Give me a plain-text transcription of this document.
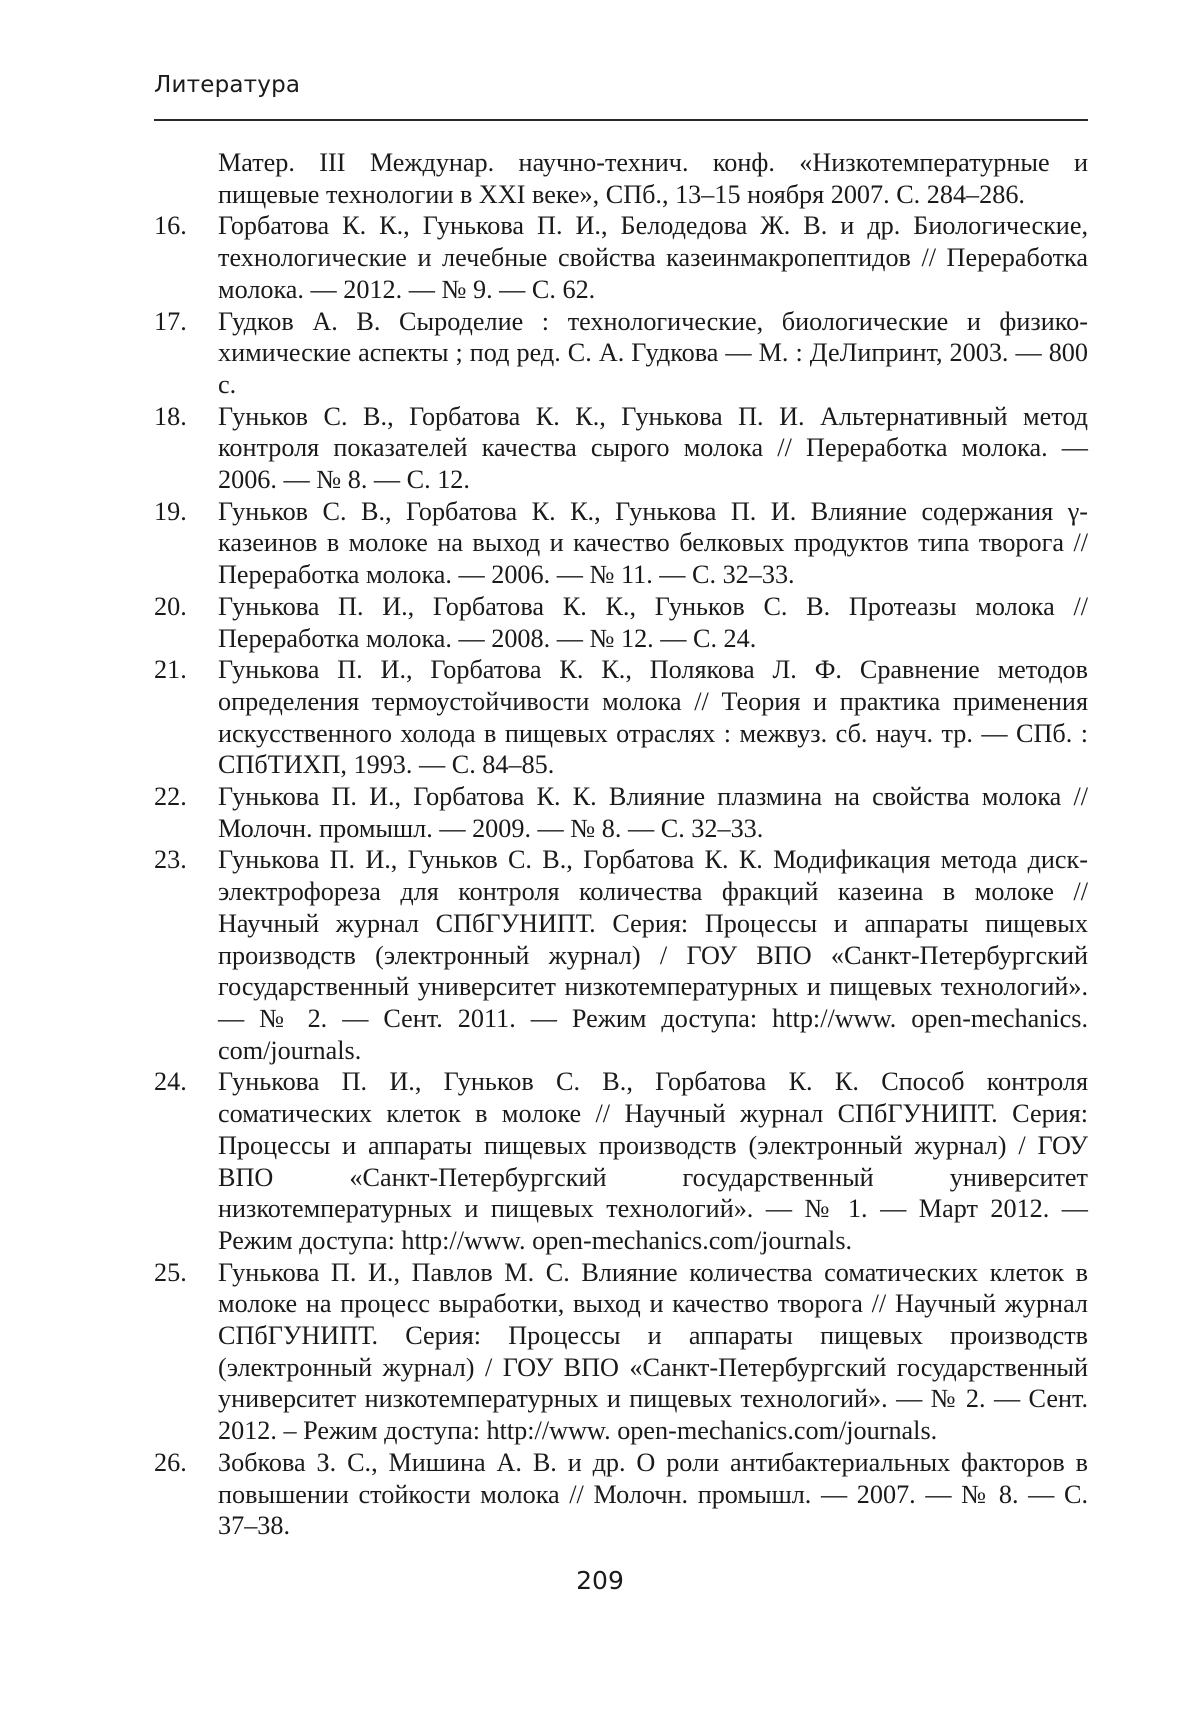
Литература
Матер. III Междунар. научно-технич. конф. «Низкотемпературные и пищевые технологии в XXI веке», СПб., 13–15 ноября 2007. С. 284–286.
16. Горбатова К. К., Гунькова П. И., Белодедова Ж. В. и др. Биологические, технологические и лечебные свойства казеинмакропептидов // Переработка молока. — 2012. — № 9. — С. 62.
17. Гудков А. В. Сыроделие : технологические, биологические и физико-химические аспекты ; под ред. С. А. Гудкова — М. : ДеЛипринт, 2003. — 800 с.
18. Гуньков С. В., Горбатова К. К., Гунькова П. И. Альтернативный метод контроля показателей качества сырого молока // Переработка молока. — 2006. — № 8. — С. 12.
19. Гуньков С. В., Горбатова К. К., Гунькова П. И. Влияние содержания γ-казеинов в молоке на выход и качество белковых продуктов типа творога // Переработка молока. — 2006. — № 11. — С. 32–33.
20. Гунькова П. И., Горбатова К. К., Гуньков С. В. Протеазы молока // Переработка молока. — 2008. — № 12. — С. 24.
21. Гунькова П. И., Горбатова К. К., Полякова Л. Ф. Сравнение методов определения термоустойчивости молока // Теория и практика применения искусственного холода в пищевых отраслях : межвуз. сб. науч. тр. — СПб. : СПбТИХП, 1993. — С. 84–85.
22. Гунькова П. И., Горбатова К. К. Влияние плазмина на свойства молока // Молочн. промышл. — 2009. — № 8. — С. 32–33.
23. Гунькова П. И., Гуньков С. В., Горбатова К. К. Модификация метода диск-электрофореза для контроля количества фракций казеина в молоке // Научный журнал СПбГУНИПТ. Серия: Процессы и аппараты пищевых производств (электронный журнал) / ГОУ ВПО «Санкт-Петербургский государственный университет низкотемпературных и пищевых технологий». — № 2. — Сент. 2011. — Режим доступа: http://www. open-mechanics. com/journals.
24. Гунькова П. И., Гуньков С. В., Горбатова К. К. Способ контроля соматических клеток в молоке // Научный журнал СПбГУНИПТ. Серия: Процессы и аппараты пищевых производств (электронный журнал) / ГОУ ВПО «Санкт-Петербургский государственный университет низкотемпературных и пищевых технологий». — № 1. — Март 2012. — Режим доступа: http://www. open-mechanics.com/journals.
25. Гунькова П. И., Павлов М. С. Влияние количества соматических клеток в молоке на процесс выработки, выход и качество творога // Научный журнал СПбГУНИПТ. Серия: Процессы и аппараты пищевых производств (электронный журнал) / ГОУ ВПО «Санкт-Петербургский государственный университет низкотемпературных и пищевых технологий». — № 2. — Сент. 2012. – Режим доступа: http://www. open-mechanics.com/journals.
26. Зобкова З. С., Мишина А. В. и др. О роли антибактериальных факторов в повышении стойкости молока // Молочн. промышл. — 2007. — № 8. — С. 37–38.
209
